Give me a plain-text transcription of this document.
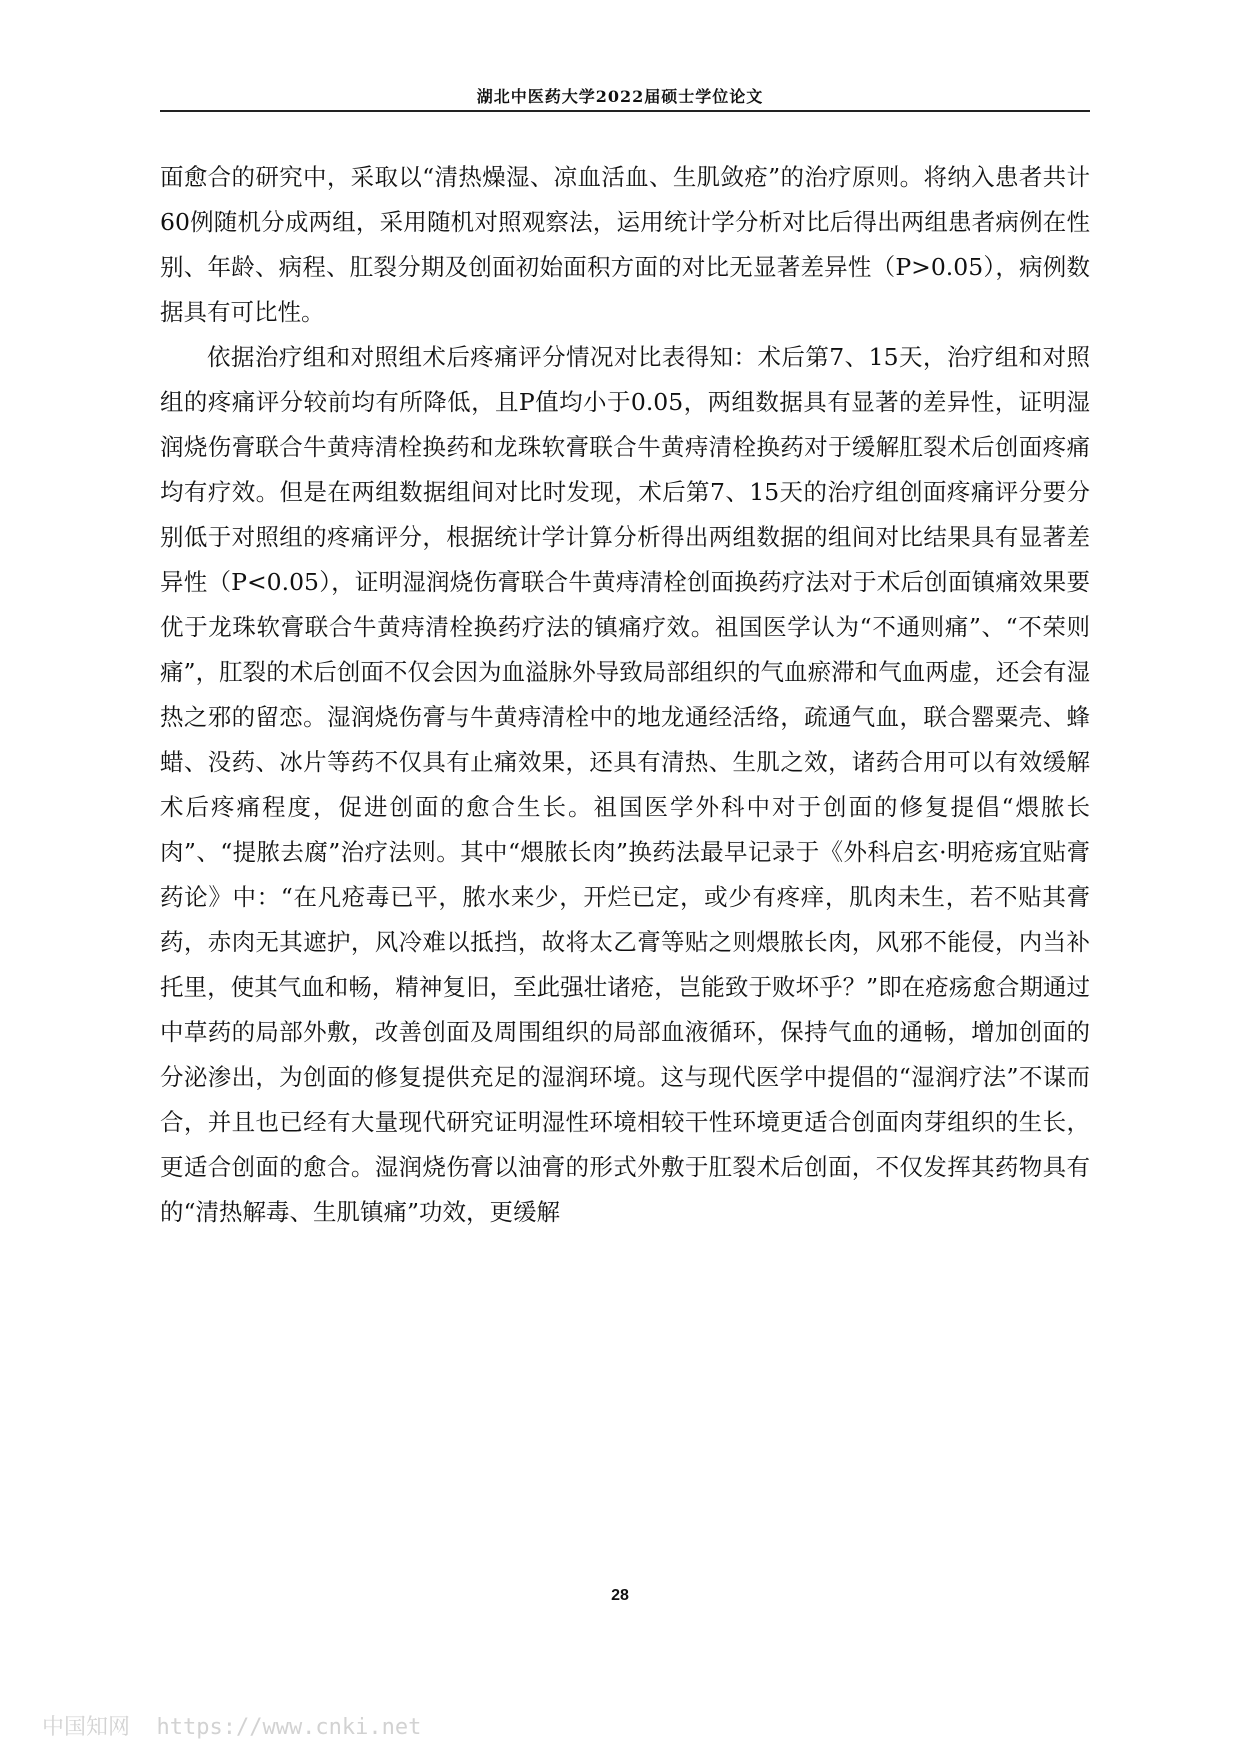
湖北中医药大学2022届硕士学位论文

面愈合的研究中，采取以“清热燥湿、凉血活血、生肌敛疮”的治疗原则。将纳入患者共计60例随机分成两组，采用随机对照观察法，运用统计学分析对比后得出两组患者病例在性别、年龄、病程、肛裂分期及创面初始面积方面的对比无显著差异性（P>0.05），病例数据具有可比性。

依据治疗组和对照组术后疼痛评分情况对比表得知：术后第7、15天，治疗组和对照组的疼痛评分较前均有所降低，且P值均小于0.05，两组数据具有显著的差异性，证明湿润烧伤膏联合牛黄痔清栓换药和龙珠软膏联合牛黄痔清栓换药对于缓解肛裂术后创面疼痛均有疗效。但是在两组数据组间对比时发现，术后第7、15天的治疗组创面疼痛评分要分别低于对照组的疼痛评分，根据统计学计算分析得出两组数据的组间对比结果具有显著差异性（P<0.05），证明湿润烧伤膏联合牛黄痔清栓创面换药疗法对于术后创面镇痛效果要优于龙珠软膏联合牛黄痔清栓换药疗法的镇痛疗效。祖国医学认为“不通则痛”、“不荣则痛”，肛裂的术后创面不仅会因为血溢脉外导致局部组织的气血瘀滞和气血两虚，还会有湿热之邪的留恋。湿润烧伤膏与牛黄痔清栓中的地龙通经活络，疏通气血，联合罂粟壳、蜂蜡、没药、冰片等药不仅具有止痛效果，还具有清热、生肌之效，诸药合用可以有效缓解术后疼痛程度，促进创面的愈合生长。祖国医学外科中对于创面的修复提倡“煨脓长肉”、“提脓去腐”治疗法则。其中“煨脓长肉”换药法最早记录于《外科启玄·明疮疡宜贴膏药论》中：“在凡疮毒已平，脓水来少，开烂已定，或少有疼痒，肌肉未生，若不贴其膏药，赤肉无其遮护，风冷难以抵挡，故将太乙膏等贴之则煨脓长肉，风邪不能侵，内当补托里，使其气血和畅，精神复旧，至此强壮诸疮，岂能致于败坏乎？”即在疮疡愈合期通过中草药的局部外敷，改善创面及周围组织的局部血液循环，保持气血的通畅，增加创面的分泌渗出，为创面的修复提供充足的湿润环境。这与现代医学中提倡的“湿润疗法”不谋而合，并且也已经有大量现代研究证明湿性环境相较干性环境更适合创面肉芽组织的生长，更适合创面的愈合。湿润烧伤膏以油膏的形式外敷于肛裂术后创面，不仅发挥其药物具有的“清热解毒、生肌镇痛”功效，更缓解

28
中国知网  https://www.cnki.net
